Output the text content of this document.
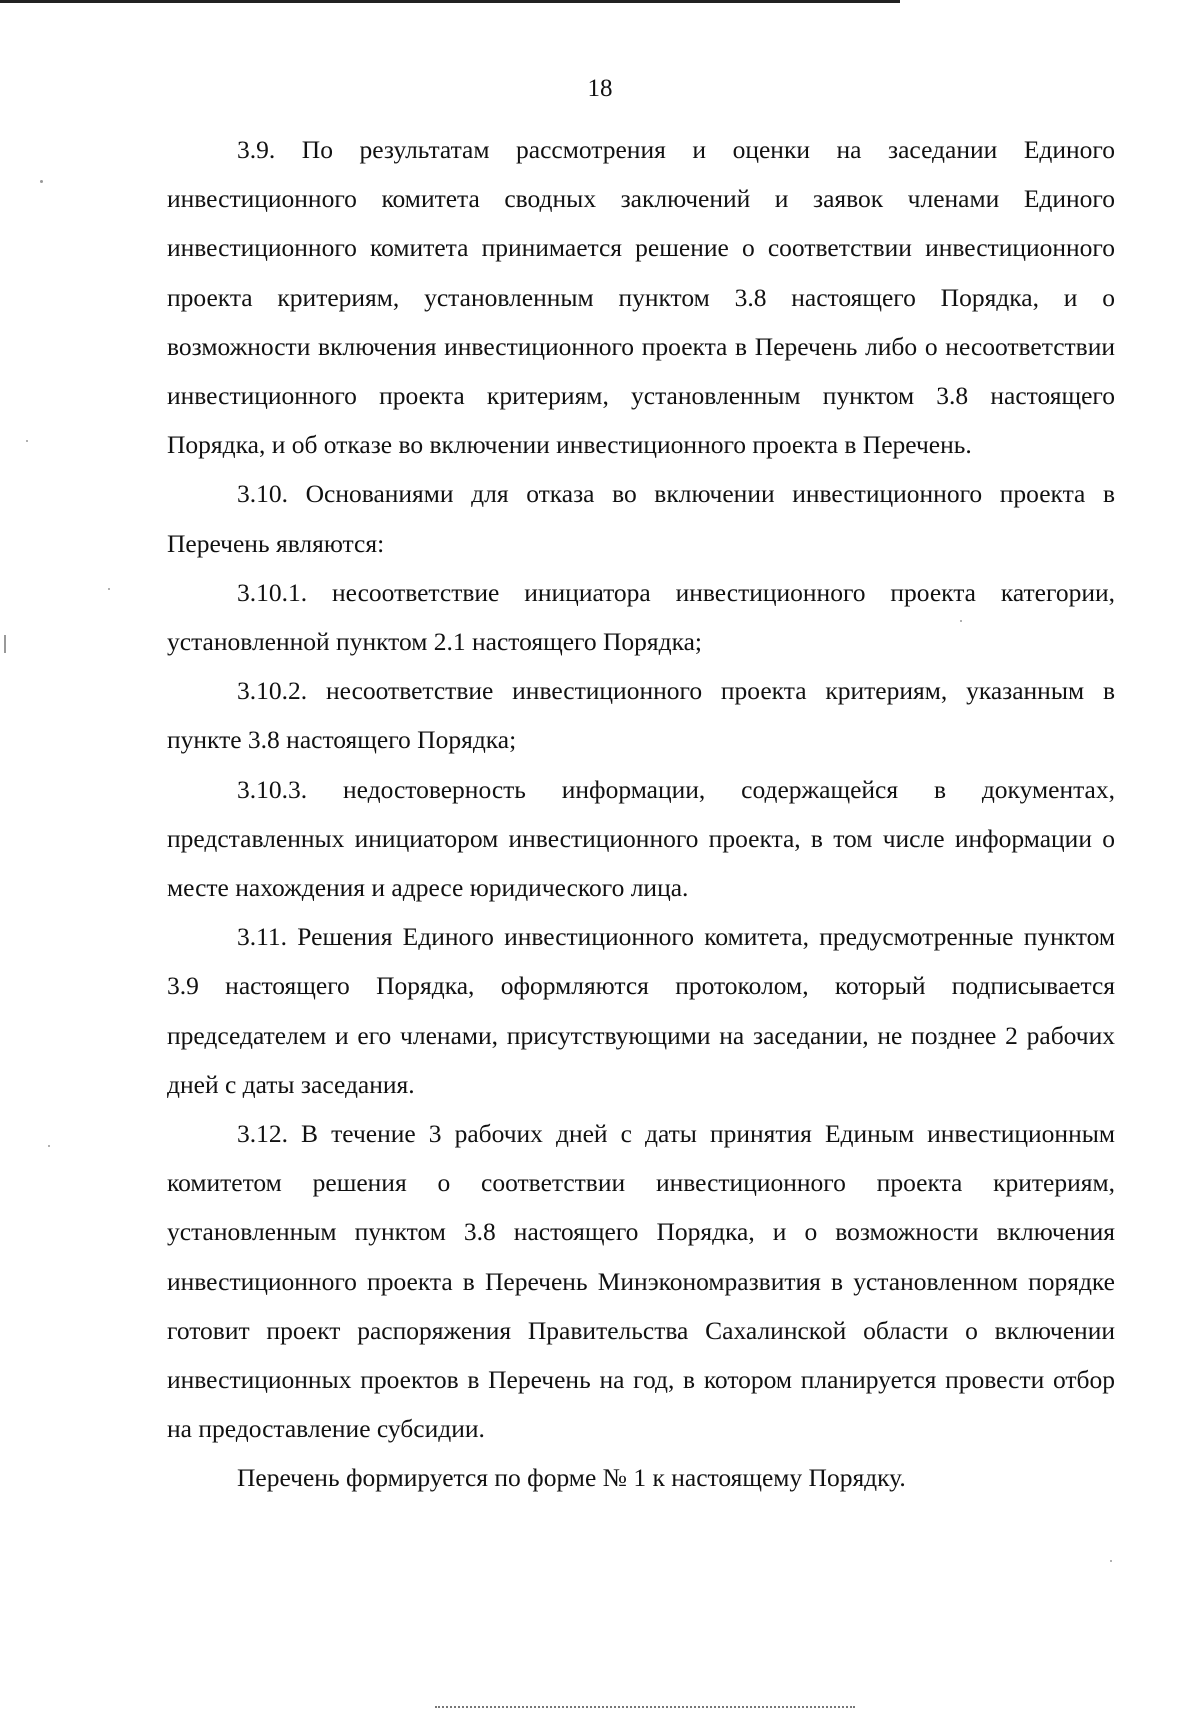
18

3.9. По результатам рассмотрения и оценки на заседании Единого инвестиционного комитета сводных заключений и заявок членами Единого инвестиционного комитета принимается решение о соответствии инвестиционного проекта критериям, установленным пунктом 3.8 настоящего Порядка, и о возможности включения инвестиционного проекта в Перечень либо о несоответствии инвестиционного проекта критериям, установленным пунктом 3.8 настоящего Порядка, и об отказе во включении инвестиционного проекта в Перечень.

3.10. Основаниями для отказа во включении инвестиционного проекта в Перечень являются:

3.10.1. несоответствие инициатора инвестиционного проекта категории, установленной пунктом 2.1 настоящего Порядка;

3.10.2. несоответствие инвестиционного проекта критериям, указанным в пункте 3.8 настоящего Порядка;

3.10.3. недостоверность информации, содержащейся в документах, представленных инициатором инвестиционного проекта, в том числе информации о месте нахождения и адресе юридического лица.

3.11. Решения Единого инвестиционного комитета, предусмотренные пунктом 3.9 настоящего Порядка, оформляются протоколом, который подписывается председателем и его членами, присутствующими на заседании, не позднее 2 рабочих дней с даты заседания.

3.12. В течение 3 рабочих дней с даты принятия Единым инвестиционным комитетом решения о соответствии инвестиционного проекта критериям, установленным пунктом 3.8 настоящего Порядка, и о возможности включения инвестиционного проекта в Перечень Минэкономразвития в установленном порядке готовит проект распоряжения Правительства Сахалинской области о включении инвестиционных проектов в Перечень на год, в котором планируется провести отбор на предоставление субсидии.

Перечень формируется по форме № 1 к настоящему Порядку.
